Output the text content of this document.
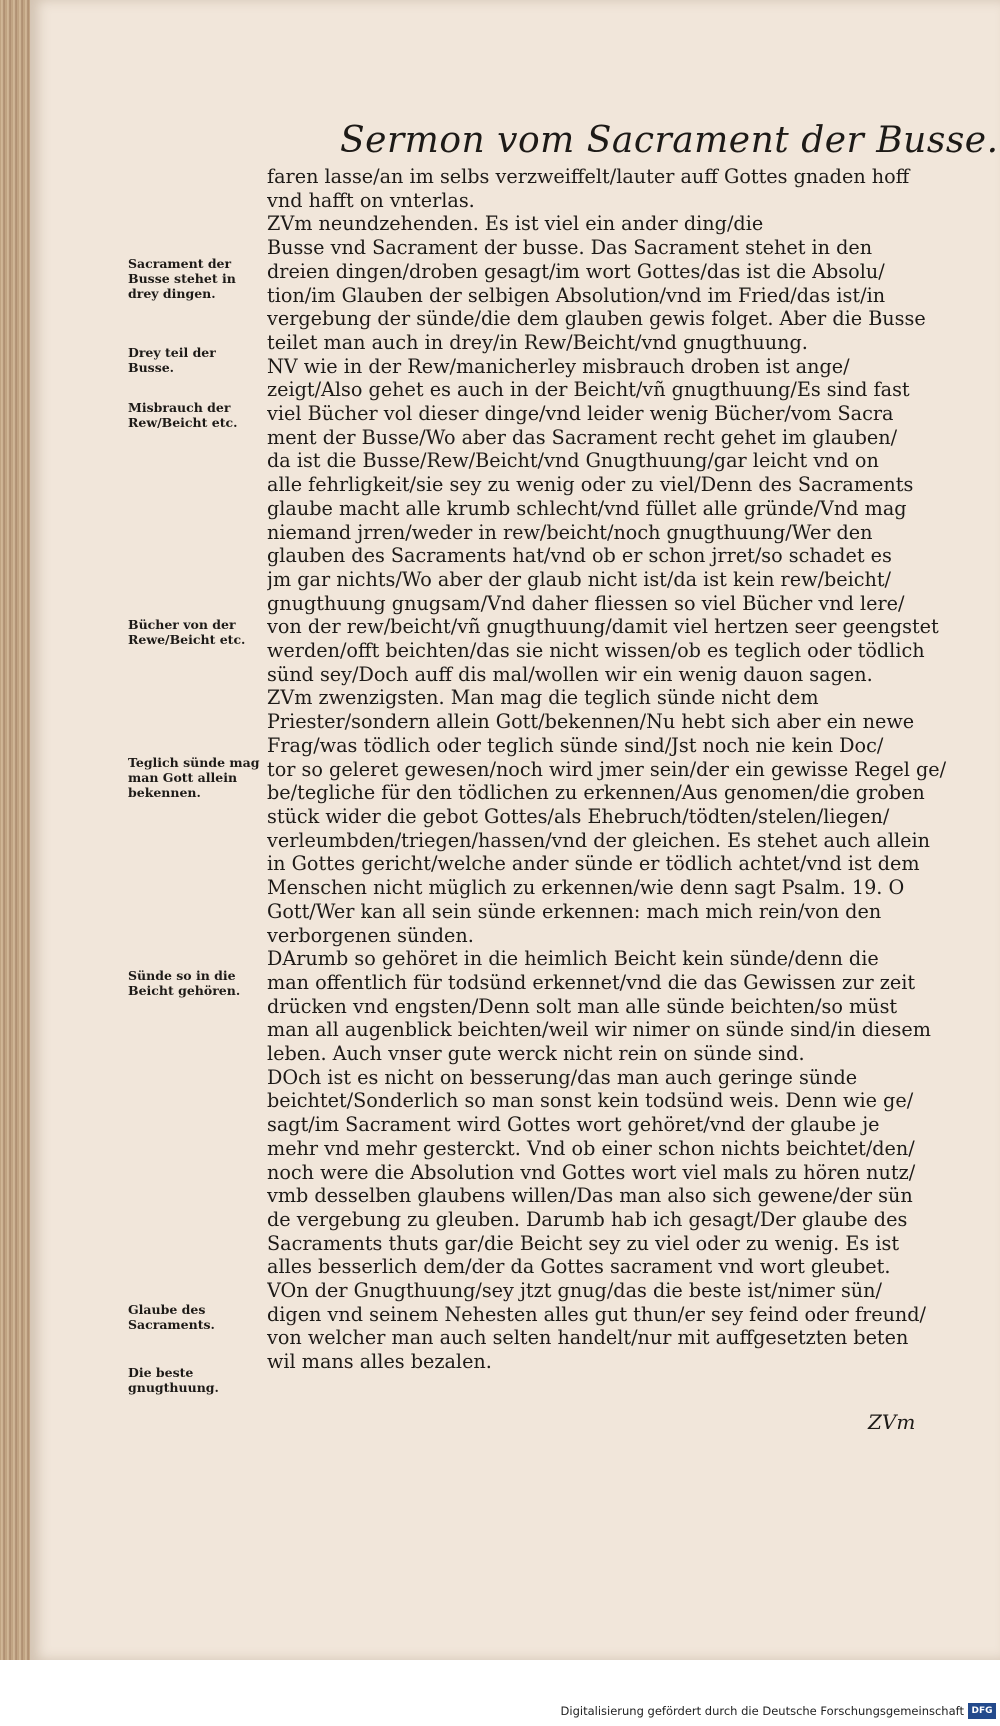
Sermon vom Sacrament der Busse.
faren lasse/an im selbs verzweiffelt/lauter auff Gottes gnaden hoff
vnd hafft on vnterlas.
ZVm neundzehenden. Es ist viel ein ander ding/die
Busse vnd Sacrament der busse. Das Sacrament stehet in den
dreien dingen/droben gesagt/im wort Gottes/das ist die Absolu/
tion/im Glauben der selbigen Absolution/vnd im Fried/das ist/in
vergebung der sünde/die dem glauben gewis folget. Aber die Busse
teilet man auch in drey/in Rew/Beicht/vnd gnugthuung.
NV wie in der Rew/manicherley misbrauch droben ist ange/
zeigt/Also gehet es auch in der Beicht/vñ gnugthuung/Es sind fast
viel Bücher vol dieser dinge/vnd leider wenig Bücher/vom Sacra
ment der Busse/Wo aber das Sacrament recht gehet im glauben/
da ist die Busse/Rew/Beicht/vnd Gnugthuung/gar leicht vnd on
alle fehrligkeit/sie sey zu wenig oder zu viel/Denn des Sacraments
glaube macht alle krumb schlecht/vnd füllet alle gründe/Vnd mag
niemand jrren/weder in rew/beicht/noch gnugthuung/Wer den
glauben des Sacraments hat/vnd ob er schon jrret/so schadet es
jm gar nichts/Wo aber der glaub nicht ist/da ist kein rew/beicht/
gnugthuung gnugsam/Vnd daher fliessen so viel Bücher vnd lere/
von der rew/beicht/vñ gnugthuung/damit viel hertzen seer geengstet
werden/offt beichten/das sie nicht wissen/ob es teglich oder tödlich
sünd sey/Doch auff dis mal/wollen wir ein wenig dauon sagen.
ZVm zwenzigsten. Man mag die teglich sünde nicht dem
Priester/sondern allein Gott/bekennen/Nu hebt sich aber ein newe
Frag/was tödlich oder teglich sünde sind/Jst noch nie kein Doc/
tor so geleret gewesen/noch wird jmer sein/der ein gewisse Regel ge/
be/tegliche für den tödlichen zu erkennen/Aus genomen/die groben
stück wider die gebot Gottes/als Ehebruch/tödten/stelen/liegen/
verleumbden/triegen/hassen/vnd der gleichen. Es stehet auch allein
in Gottes gericht/welche ander sünde er tödlich achtet/vnd ist dem
Menschen nicht müglich zu erkennen/wie denn sagt Psalm. 19. O
Gott/Wer kan all sein sünde erkennen: mach mich rein/von den
verborgenen sünden.
DArumb so gehöret in die heimlich Beicht kein sünde/denn die
man offentlich für todsünd erkennet/vnd die das Gewissen zur zeit
drücken vnd engsten/Denn solt man alle sünde beichten/so müst
man all augenblick beichten/weil wir nimer on sünde sind/in diesem
leben. Auch vnser gute werck nicht rein on sünde sind.
DOch ist es nicht on besserung/das man auch geringe sünde
beichtet/Sonderlich so man sonst kein todsünd weis. Denn wie ge/
sagt/im Sacrament wird Gottes wort gehöret/vnd der glaube je
mehr vnd mehr gesterckt. Vnd ob einer schon nichts beichtet/den/
noch were die Absolution vnd Gottes wort viel mals zu hören nutz/
vmb desselben glaubens willen/Das man also sich gewene/der sün
de vergebung zu gleuben. Darumb hab ich gesagt/Der glaube des
Sacraments thuts gar/die Beicht sey zu viel oder zu wenig. Es ist
alles besserlich dem/der da Gottes sacrament vnd wort gleubet.
VOn der Gnugthuung/sey jtzt gnug/das die beste ist/nimer sün/
digen vnd seinem Nehesten alles gut thun/er sey feind oder freund/
von welcher man auch selten handelt/nur mit auffgesetzten beten
wil mans alles bezalen.
Sacrament der Busse stehet in drey dingen.
Drey teil der Busse.
Misbrauch der Rew/Beicht etc.
Bücher von der Rewe/Beicht etc.
Teglich sünde mag man Gott allein bekennen.
Sünde so in die Beicht gehören.
Glaube des Sacraments.
Die beste gnugthuung.
ZVm
Digitalisierung gefördert durch die Deutsche Forschungsgemeinschaft DFG
